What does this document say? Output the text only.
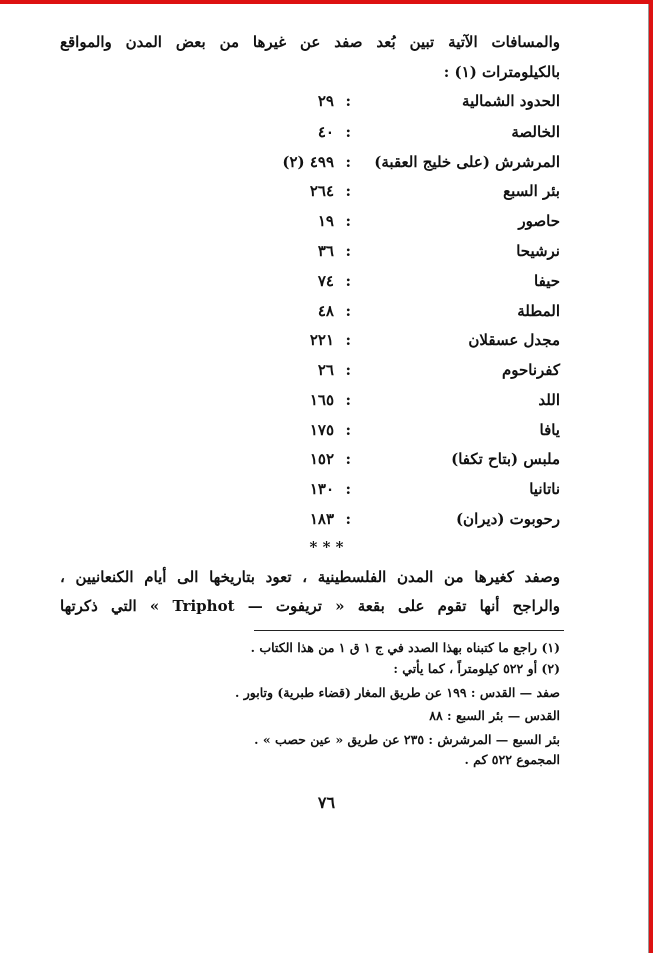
والمسافات الآتية تبين بُعد صفد عن غيرها من بعض المدن والمواقع
بالكيلومترات (١) :
الحدود الشمالية
:
٢٩
الخالصة
:
٤٠
المرشرش (على خليج العقبة)
:
٤٩٩ (٢)
بئر السبع
:
٢٦٤
حاصور
:
١٩
نرشيحا
:
٣٦
حيفا
:
٧٤
المطلة
:
٤٨
مجدل عسقلان
:
٢٢١
كفرناحوم
:
٢٦
اللد
:
١٦٥
يافا
:
١٧٥
ملبس (بتاح تكفا)
:
١٥٢
ناتانيا
:
١٣٠
رحوبوت (ديران)
:
١٨٣
* * *
وصفد كغيرها من المدن الفلسطينية ، تعود بتاريخها الى أيام الكنعانيين ،
والراجح أنها تقوم على بقعة « تريفوت — Triphot » التي ذكرتها
(١) راجع ما كتبناه بهذا الصدد في ج ١ ق ١ من هذا الكتاب .
(٢) أو ٥٢٢ كيلومتراً ، كما يأتي :
صفد — القدس : ١٩٩ عن طريق المغار (قضاء طبرية) وتابور .
القدس — بئر السبع : ٨٨
بئر السبع — المرشرش : ٢٣٥ عن طريق « عين حصب » .
المجموع ٥٢٢ كم .
٧٦
